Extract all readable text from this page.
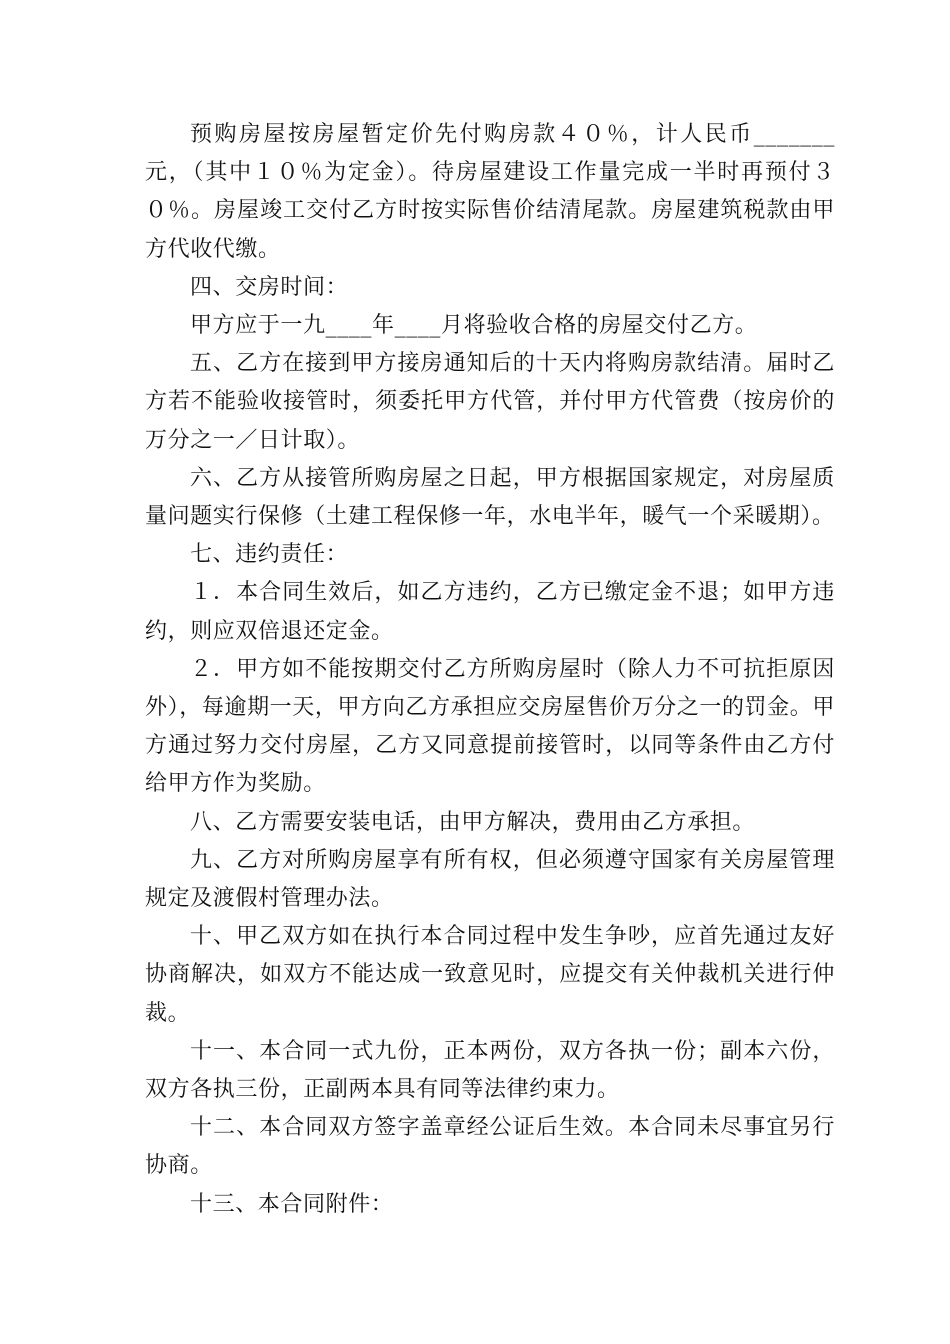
预购房屋按房屋暂定价先付购房款４０％，计人民币_______元，（其中１０％为定金）。待房屋建设工作量完成一半时再预付３０％。房屋竣工交付乙方时按实际售价结清尾款。房屋建筑税款由甲方代收代缴。

四、交房时间：

甲方应于一九____年____月将验收合格的房屋交付乙方。

五、乙方在接到甲方接房通知后的十天内将购房款结清。届时乙方若不能验收接管时，须委托甲方代管，并付甲方代管费（按房价的万分之一／日计取）。

六、乙方从接管所购房屋之日起，甲方根据国家规定，对房屋质量问题实行保修（土建工程保修一年，水电半年，暖气一个采暖期）。

七、违约责任：

１．本合同生效后，如乙方违约，乙方已缴定金不退；如甲方违约，则应双倍退还定金。

２．甲方如不能按期交付乙方所购房屋时（除人力不可抗拒原因外），每逾期一天，甲方向乙方承担应交房屋售价万分之一的罚金。甲方通过努力交付房屋，乙方又同意提前接管时，以同等条件由乙方付给甲方作为奖励。

八、乙方需要安装电话，由甲方解决，费用由乙方承担。

九、乙方对所购房屋享有所有权，但必须遵守国家有关房屋管理规定及渡假村管理办法。

十、甲乙双方如在执行本合同过程中发生争吵，应首先通过友好协商解决，如双方不能达成一致意见时，应提交有关仲裁机关进行仲裁。

十一、本合同一式九份，正本两份，双方各执一份；副本六份，双方各执三份，正副两本具有同等法律约束力。

十二、本合同双方签字盖章经公证后生效。本合同未尽事宜另行协商。

十三、本合同附件：
